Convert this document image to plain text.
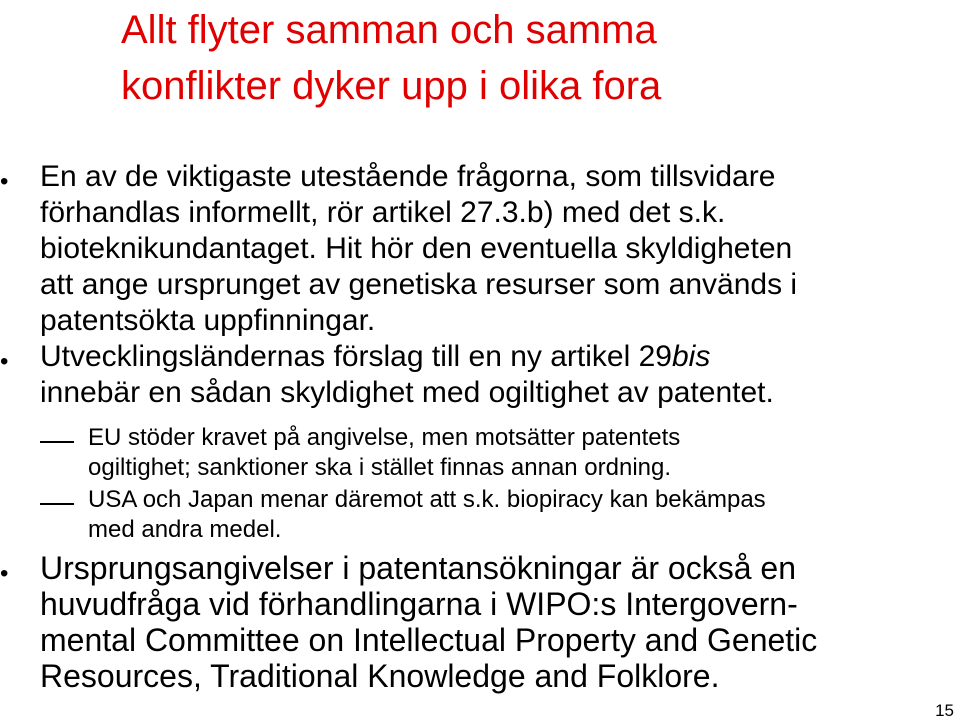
Allt flyter samman och samma
konflikter dyker upp i olika fora
• En av de viktigaste utestående frågorna, som tillsvidare
förhandlas informellt, rör artikel 27.3.b) med det s.k.
bioteknikundantaget. Hit hör den eventuella skyldigheten
att ange ursprunget av genetiska resurser som används i
patentsökta uppfinningar.
• Utvecklingsländernas förslag till en ny artikel 29bis
innebär en sådan skyldighet med ogiltighet av patentet.
EU stöder kravet på angivelse, men motsätter patentets
ogiltighet; sanktioner ska i stället finnas annan ordning.
USA och Japan menar däremot att s.k. biopiracy kan bekämpas
med andra medel.
• Ursprungsangivelser i patentansökningar är också en
huvudfråga vid förhandlingarna i WIPO:s Intergovern-
mental Committee on Intellectual Property and Genetic
Resources, Traditional Knowledge and Folklore.
15
